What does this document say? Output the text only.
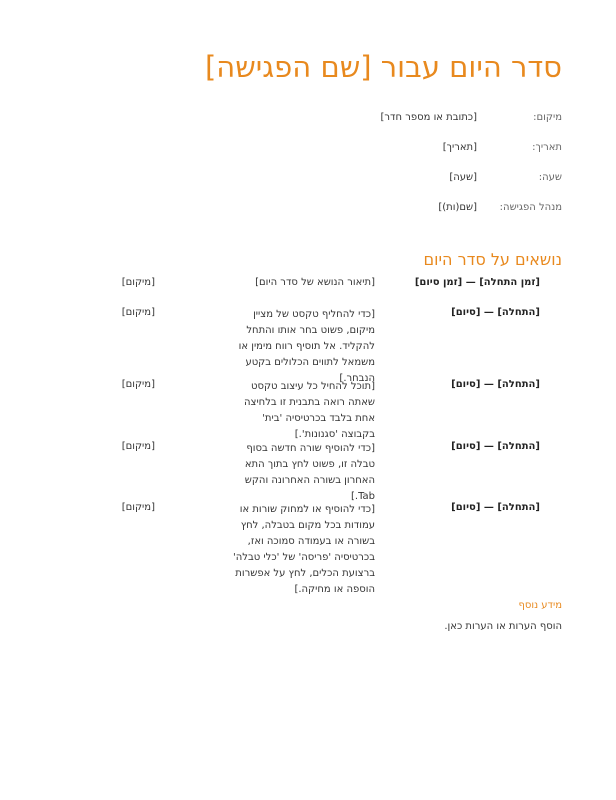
סדר היום עבור [שם הפגישה]
מיקום:
[כתובת או מספר חדר]
תאריך:
[תאריך]
שעה:
[שעה]
מנהל הפגישה:
[שם(ות)]
נושאים על סדר היום
[זמן התחלה] — [זמן סיום]
[תיאור הנושא של סדר היום]
[מיקום]
[התחלה] — [סיום]
[כדי להחליף טקסט של מציין מיקום, פשוט בחר אותו והתחל להקליד. אל תוסיף רווח מימין או משמאל לתווים הכלולים בקטע הנבחר.]
[מיקום]
[התחלה] — [סיום]
[תוכל להחיל כל עיצוב טקסט שאתה רואה בתבנית זו בלחיצה אחת בלבד בכרטיסיה 'בית' בקבוצה 'סגנונות'.]
[מיקום]
[התחלה] — [סיום]
[כדי להוסיף שורה חדשה בסוף טבלה זו, פשוט לחץ בתוך התא האחרון בשורה האחרונה והקש Tab.]
[מיקום]
[התחלה] — [סיום]
[כדי להוסיף או למחוק שורות או עמודות בכל מקום בטבלה, לחץ בשורה או בעמודה סמוכה ואז, בכרטיסיה 'פריסה' של 'כלי טבלה' ברצועת הכלים, לחץ על אפשרות הוספה או מחיקה.]
[מיקום]
מידע נוסף
הוסף הערות או הערות כאן.
